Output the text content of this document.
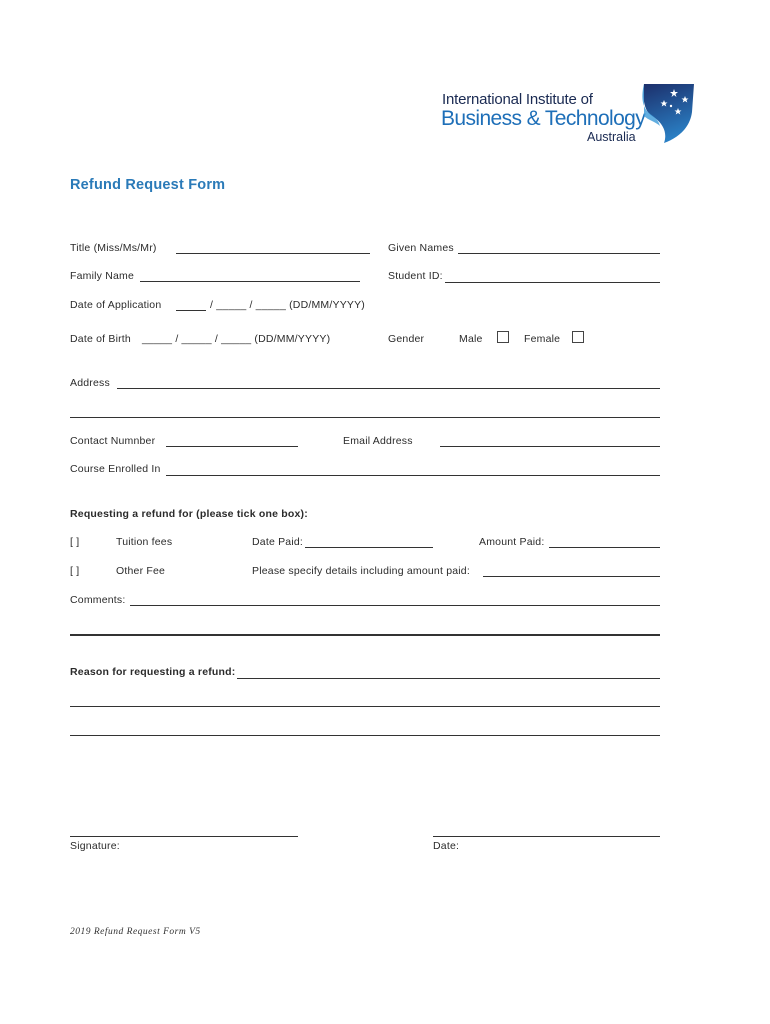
International Institute of
Business & Technology
Australia
Refund Request Form
Title (Miss/Ms/Mr)	Given Names
Family Name	Student ID:
Date of Application	/ _____ / _____ (DD/MM/YYYY)
Date of Birth _____ / _____ / _____ (DD/MM/YYYY)	Gender	Male	Female
Address
Contact Numnber	Email Address
Course Enrolled In
Requesting a refund for (please tick one box):
[ ]	Tuition fees	Date Paid:	Amount Paid:
[ ]	Other Fee	Please specify details including amount paid:
Comments:
Reason for requesting a refund:
Signature:	Date:
2019 Refund Request Form V5
